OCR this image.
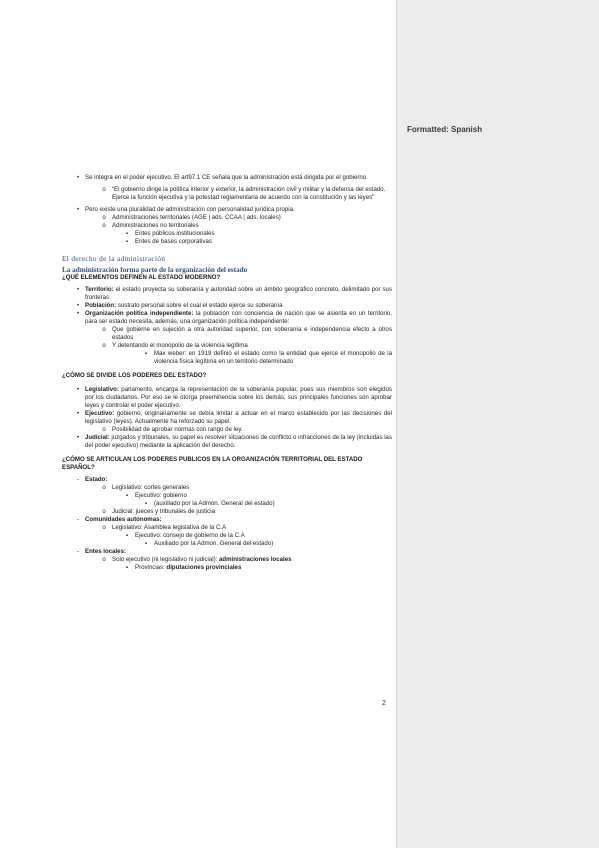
• Se integra en el poder ejecutivo. El art97.1 CE señala que la administración está dirigida por el gobierno.

o	“El gobierno dirige la política interior y exterior, la administración civil y militar y la defensa del estado. Ejerce la función ejecutiva y la potestad reglamentaria de acuerdo con la constitución y las leyes”

• Pero existe una pluralidad de administración con personalidad jurídica propia.

o	Administraciones territoriales (AGE | ads. CCAA | ads. locales)

o	Administraciones no territoriales

▪	Entes públicos institucionales

▪	Entes de bases corporativas

El derecho de la administración

La administración forma parte de la organización del estado

¿QUÉ ELEMENTOS DEFINEN AL ESTADO MODERNO?

• Territorio: el estado proyecta su soberanía y autoridad sobre un ámbito geográfico concreto, delimitado por sus fronteras

• Población: sustrato personal sobre el cual el estado ejerce su soberanía

• Organización política independiente: la población con conciencia de nación que se asienta en un territorio, para ser estado necesita, además, una organización política independiente:

o	Que gobierne en sujeción a otra autoridad superior, con soberanía e independencia efecto a otros estados

o	Y detentando el monopolio de la violencia legítima

▪	Max weber: en 1919 definió el estado como la entidad que ejerce el monopolio de la violencia física legítima en un territorio determinado

¿CÓMO SE DIVIDE LOS PODERES DEL ESTADO?

• Legislativo: parlamento, encarga la representación de la soberanía popular, pues sus miembros son elegidos por los ciudadanos. Por eso se le otorga preeminencia sobre los demás, sus principales funciones son aprobar leyes y controlar el poder ejecutivo.

• Ejecutivo: gobierno, originariamente se debía limitar a actuar en el marco establecido por las decisiones del legislativo (leyes). Actualmente ha reforzado su papel.

o	Posibilidad de aprobar normas con rango de ley.

• Judicial: juzgados y tribunales, su papel es resolver situaciones de conflicto o infracciones de la ley (incluidas las del poder ejecutivo) mediante la aplicación del derecho.

¿CÓMO SE ARTICULAN LOS PODERES PUBLICOS EN LA ORGANIZACIÓN TERRITORIAL DEL ESTADO ESPAÑOL?

- Estado:

o	Legislativo: cortes generales

▪	Ejecutivo: gobierno

▪	(auxiliado por la Admon. General del estado)

o	Judicial: jueces y tribunales de justicia

- Comunidades autónomas:

o	Legislativo: Asamblea legislativa de la C.A

▪	Ejecutivo: consejo de gobierno de la C.A

▪	Auxiliado por la Admon. General del estado)

- Entes locales:

o	Solo ejecutivo (ni legislativo ni judicial): administraciones locales

▪	Provincias: diputaciones provinciales

2
Formatted: Spanish
